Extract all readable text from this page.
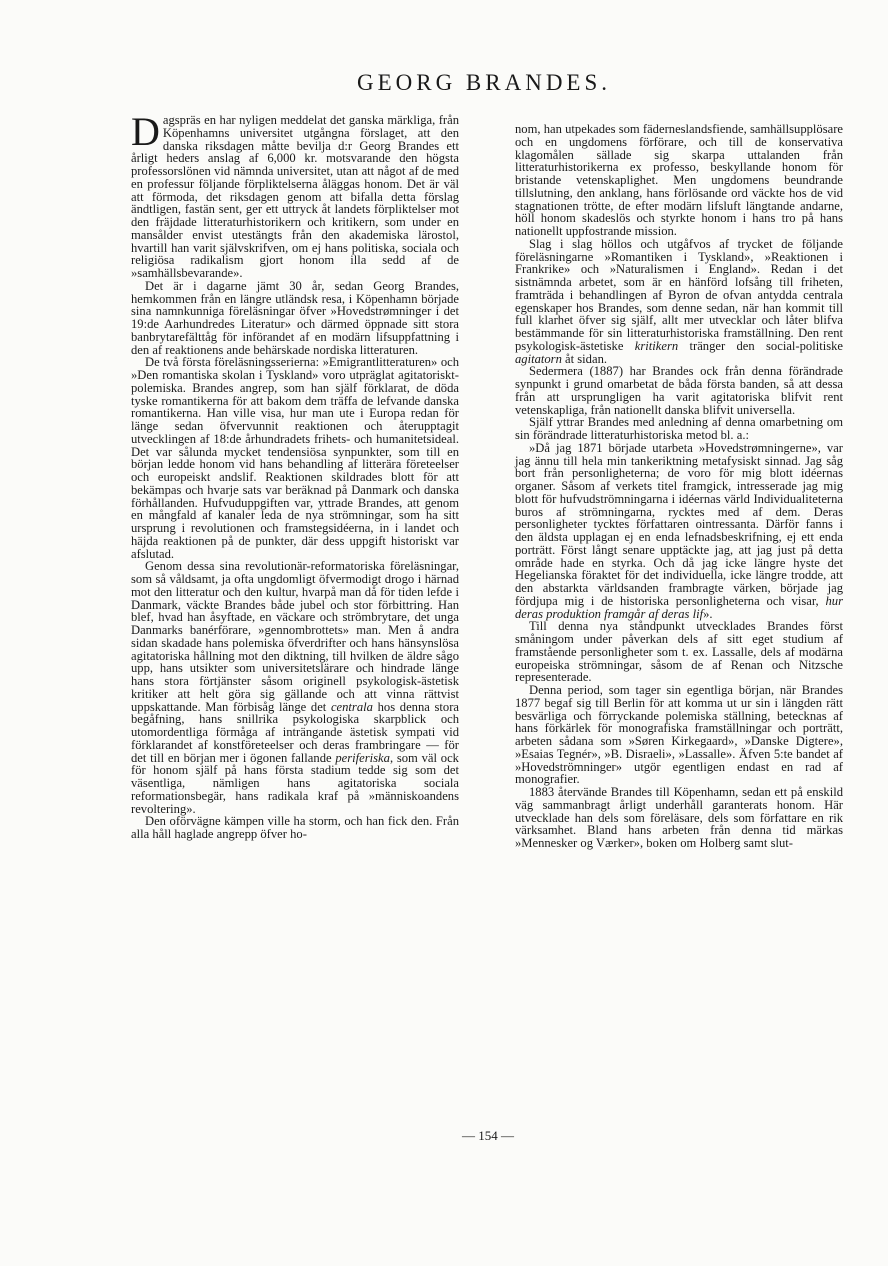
GEORG BRANDES.

Dagspräs en har nyligen meddelat det ganska märkliga, från Köpenhamns universitet utgångna förslaget, att den danska riksdagen måtte bevilja d:r Georg Brandes ett årligt heders anslag af 6,000 kr. motsvarande den högsta professorslönen vid nämnda universitet, utan att något af de med en professur följande förpliktelserna åläggas honom. Det är väl att förmoda, det riksdagen genom att bifalla detta förslag ändtligen, fastän sent, ger ett uttryck åt landets förpliktelser mot den fräjdade litteraturhistorikern och kritikern, som under en mansålder envist utestängts från den akademiska lärostol, hvartill han varit självskrifven, om ej hans politiska, sociala och religiösa radikalism gjort honom illa sedd af de »samhällsbevarande».

Det är i dagarne jämt 30 år, sedan Georg Brandes, hemkommen från en längre utländsk resa, i Köpenhamn började sina namnkunniga föreläsningar öfver »Hovedstrømninger i det 19:de Aarhundredes Literatur» och därmed öppnade sitt stora banbrytarefälttåg för införandet af en modärn lifsuppfattning i den af reaktionens ande behärskade nordiska litteraturen.

De två första föreläsningsserierna: »Emigrantlitteraturen» och »Den romantiska skolan i Tyskland» voro utpräglat agitatoriskt-polemiska. Brandes angrep, som han själf förklarat, de döda tyske romantikerna för att bakom dem träffa de lefvande danska romantikerna. Han ville visa, hur man ute i Europa redan för länge sedan öfvervunnit reaktionen och återupptagit utvecklingen af 18:de århundradets frihets- och humanitetsideal. Det var sålunda mycket tendensiösa synpunkter, som till en början ledde honom vid hans behandling af litterära företeelser och europeiskt andslif. Reaktionen skildrades blott för att bekämpas och hvarje sats var beräknad på Danmark och danska förhållanden. Hufvuduppgiften var, yttrade Brandes, att genom en mångfald af kanaler leda de nya strömningar, som ha sitt ursprung i revolutionen och framstegsidéerna, in i landet och häjda reaktionen på de punkter, där dess uppgift historiskt var afslutad.

Genom dessa sina revolutionär-reformatoriska föreläsningar, som så våldsamt, ja ofta ungdomligt öfvermodigt drogo i härnad mot den litteratur och den kultur, hvarpå man då för tiden lefde i Danmark, väckte Brandes både jubel och stor förbittring. Han blef, hvad han åsyftade, en väckare och strömbrytare, det unga Danmarks banérförare, »gennombrottets» man. Men å andra sidan skadade hans polemiska öfverdrifter och hans hänsynslösa agitatoriska hållning mot den diktning, till hvilken de äldre sågo upp, hans utsikter som universitetslärare och hindrade länge hans stora förtjänster såsom originell psykologisk-ästetisk kritiker att helt göra sig gällande och att vinna rättvist uppskattande. Man förbisåg länge det centrala hos denna stora begåfning, hans snillrika psykologiska skarpblick och utomordentliga förmåga af inträngande ästetisk sympati vid förklarandet af konstföreteelser och deras frambringare — för det till en början mer i ögonen fallande periferiska, som väl ock för honom själf på hans första stadium tedde sig som det väsentliga, nämligen hans agitatoriska sociala reformationsbegär, hans radikala kraf på »människoandens revoltering».

Den oförvägne kämpen ville ha storm, och han fick den. Från alla håll haglade angrepp öfver ho-

nom, han utpekades som fäderneslandsfiende, samhällsupplösare och en ungdomens förförare, och till de konservativa klagomålen sällade sig skarpa uttalanden från litteraturhistorikerna ex professo, beskyllande honom för bristande vetenskaplighet. Men ungdomens beundrande tillslutning, den anklang, hans förlösande ord väckte hos de vid stagnationen trötte, de efter modärn lifsluft längtande andarne, höll honom skadeslös och styrkte honom i hans tro på hans nationellt uppfostrande mission.

Slag i slag höllos och utgåfvos af trycket de följande föreläsningarne »Romantiken i Tyskland», »Reaktionen i Frankrike» och »Naturalismen i England». Redan i det sistnämnda arbetet, som är en hänförd lofsång till friheten, framträda i behandlingen af Byron de ofvan antydda centrala egenskaper hos Brandes, som denne sedan, när han kommit till full klarhet öfver sig själf, allt mer utvecklar och låter blifva bestämmande för sin litteraturhistoriska framställning. Den rent psykologisk-ästetiske kritikern tränger den social-politiske agitatorn åt sidan.

Sedermera (1887) har Brandes ock från denna förändrade synpunkt i grund omarbetat de båda första banden, så att dessa från att ursprungligen ha varit agitatoriska blifvit rent vetenskapliga, från nationellt danska blifvit universella.

Själf yttrar Brandes med anledning af denna omarbetning om sin förändrade litteraturhistoriska metod bl. a.:

»Då jag 1871 började utarbeta »Hovedstrømningerne», var jag ännu till hela min tankeriktning metafysiskt sinnad. Jag såg bort från personligheterna; de voro för mig blott idéernas organer. Såsom af verkets titel framgick, intresserade jag mig blott för hufvudströmningarna i idéernas värld Individualiteterna buros af strömningarna, rycktes med af dem. Deras personligheter tycktes författaren ointressanta. Därför fanns i den äldsta upplagan ej en enda lefnadsbeskrifning, ej ett enda porträtt. Först långt senare upptäckte jag, att jag just på detta område hade en styrka. Och då jag icke längre hyste det Hegelianska föraktet för det individuella, icke längre trodde, att den abstarkta världsanden frambragte värken, började jag fördjupa mig i de historiska personligheterna och visar, hur deras produktion framgår af deras lif».

Till denna nya ståndpunkt utvecklades Brandes först småningom under påverkan dels af sitt eget studium af framstående personligheter som t. ex. Lassalle, dels af modärna europeiska strömningar, såsom de af Renan och Nitzsche representerade.

Denna period, som tager sin egentliga början, när Brandes 1877 begaf sig till Berlin för att komma ut ur sin i längden rätt besvärliga och förryckande polemiska ställning, betecknas af hans förkärlek för monografiska framställningar och porträtt, arbeten sådana som »Søren Kirkegaard», »Danske Digtere», »Esaias Tegnér», »B. Disraeli», »Lassalle». Äfven 5:te bandet af »Hovedströmninger» utgör egentligen endast en rad af monografier.

1883 återvände Brandes till Köpenhamn, sedan ett på enskild väg sammanbragt årligt underhåll garanterats honom. Här utvecklade han dels som föreläsare, dels som författare en rik värksamhet. Bland hans arbeten från denna tid märkas »Mennesker og Værker», boken om Holberg samt slut-

— 154 —
